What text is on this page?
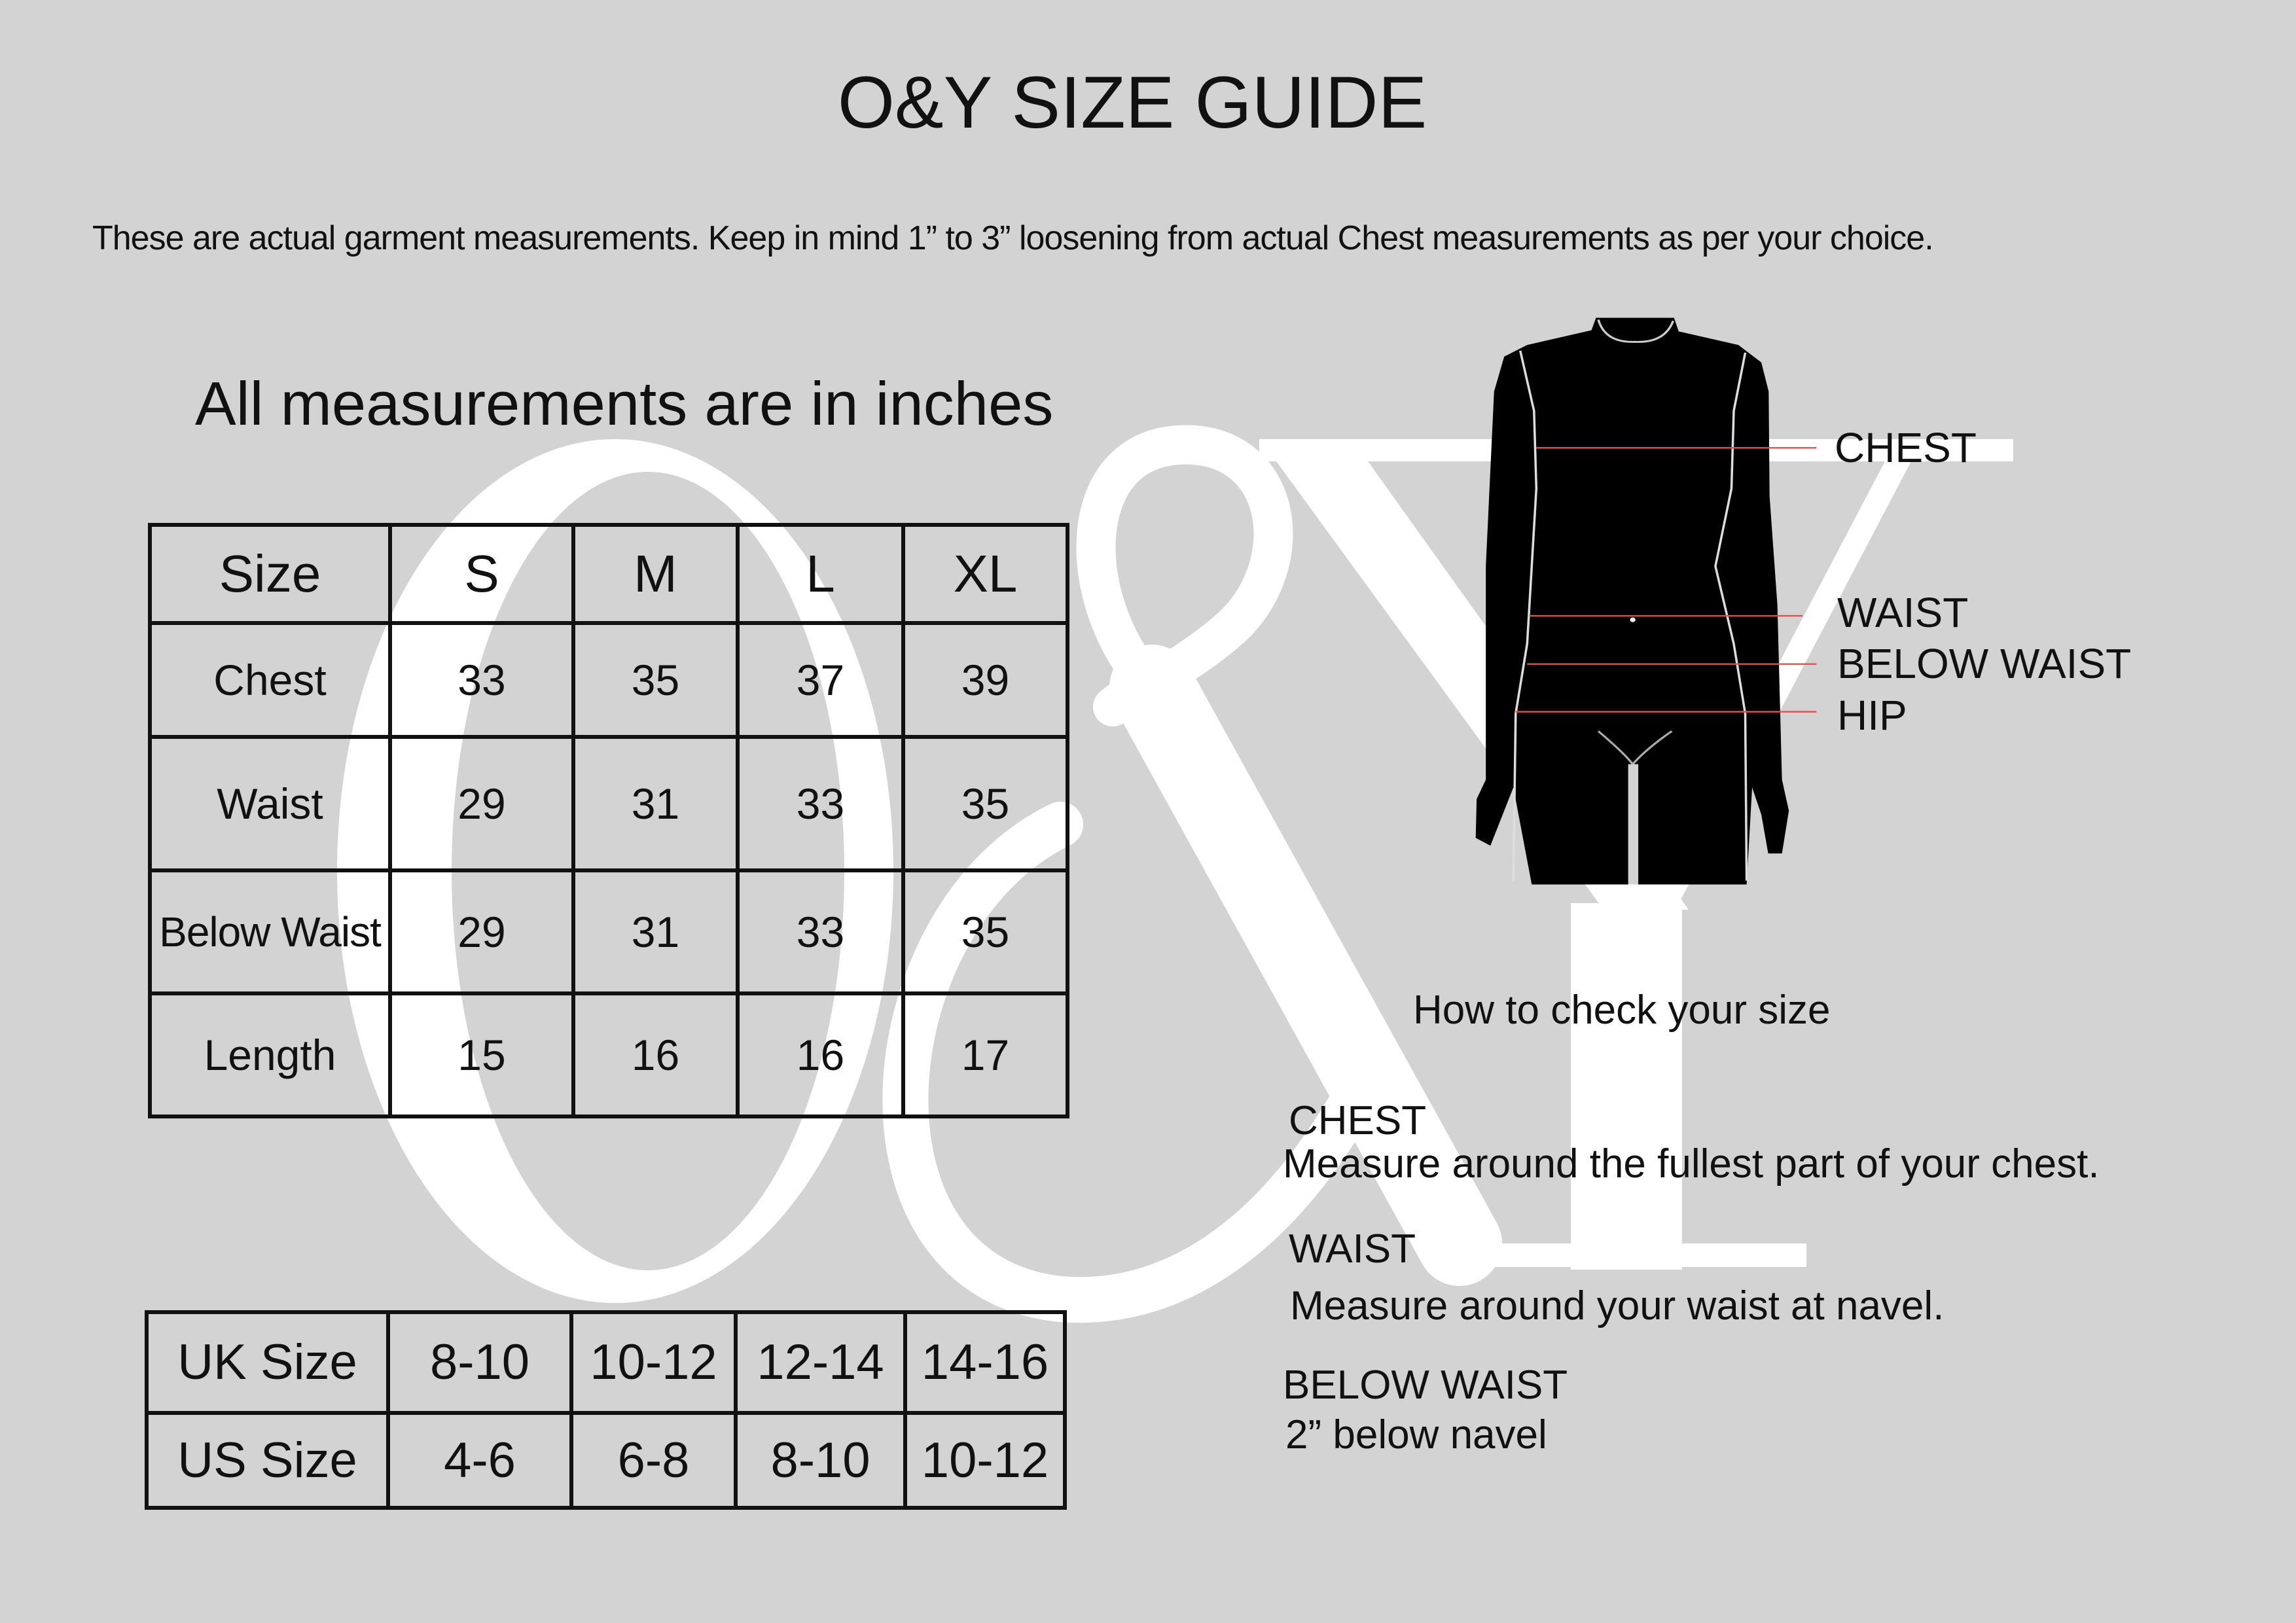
O&Y SIZE GUIDE
These are actual garment measurements. Keep in mind 1” to 3” loosening from actual Chest measurements as per your choice.
All measurements are in inches
Size	S	M	L	XL
Chest	33	35	37	39
Waist	29	31	33	35
Below Waist	29	31	33	35
Length	15	16	16	17
UK Size	8-10	10-12	12-14	14-16
US Size	4-6	6-8	8-10	10-12
CHEST
WAIST
BELOW WAIST
HIP
How to check your size
CHEST
Measure around the fullest part of your chest.
WAIST
Measure around your waist at navel.
BELOW WAIST
2” below navel
